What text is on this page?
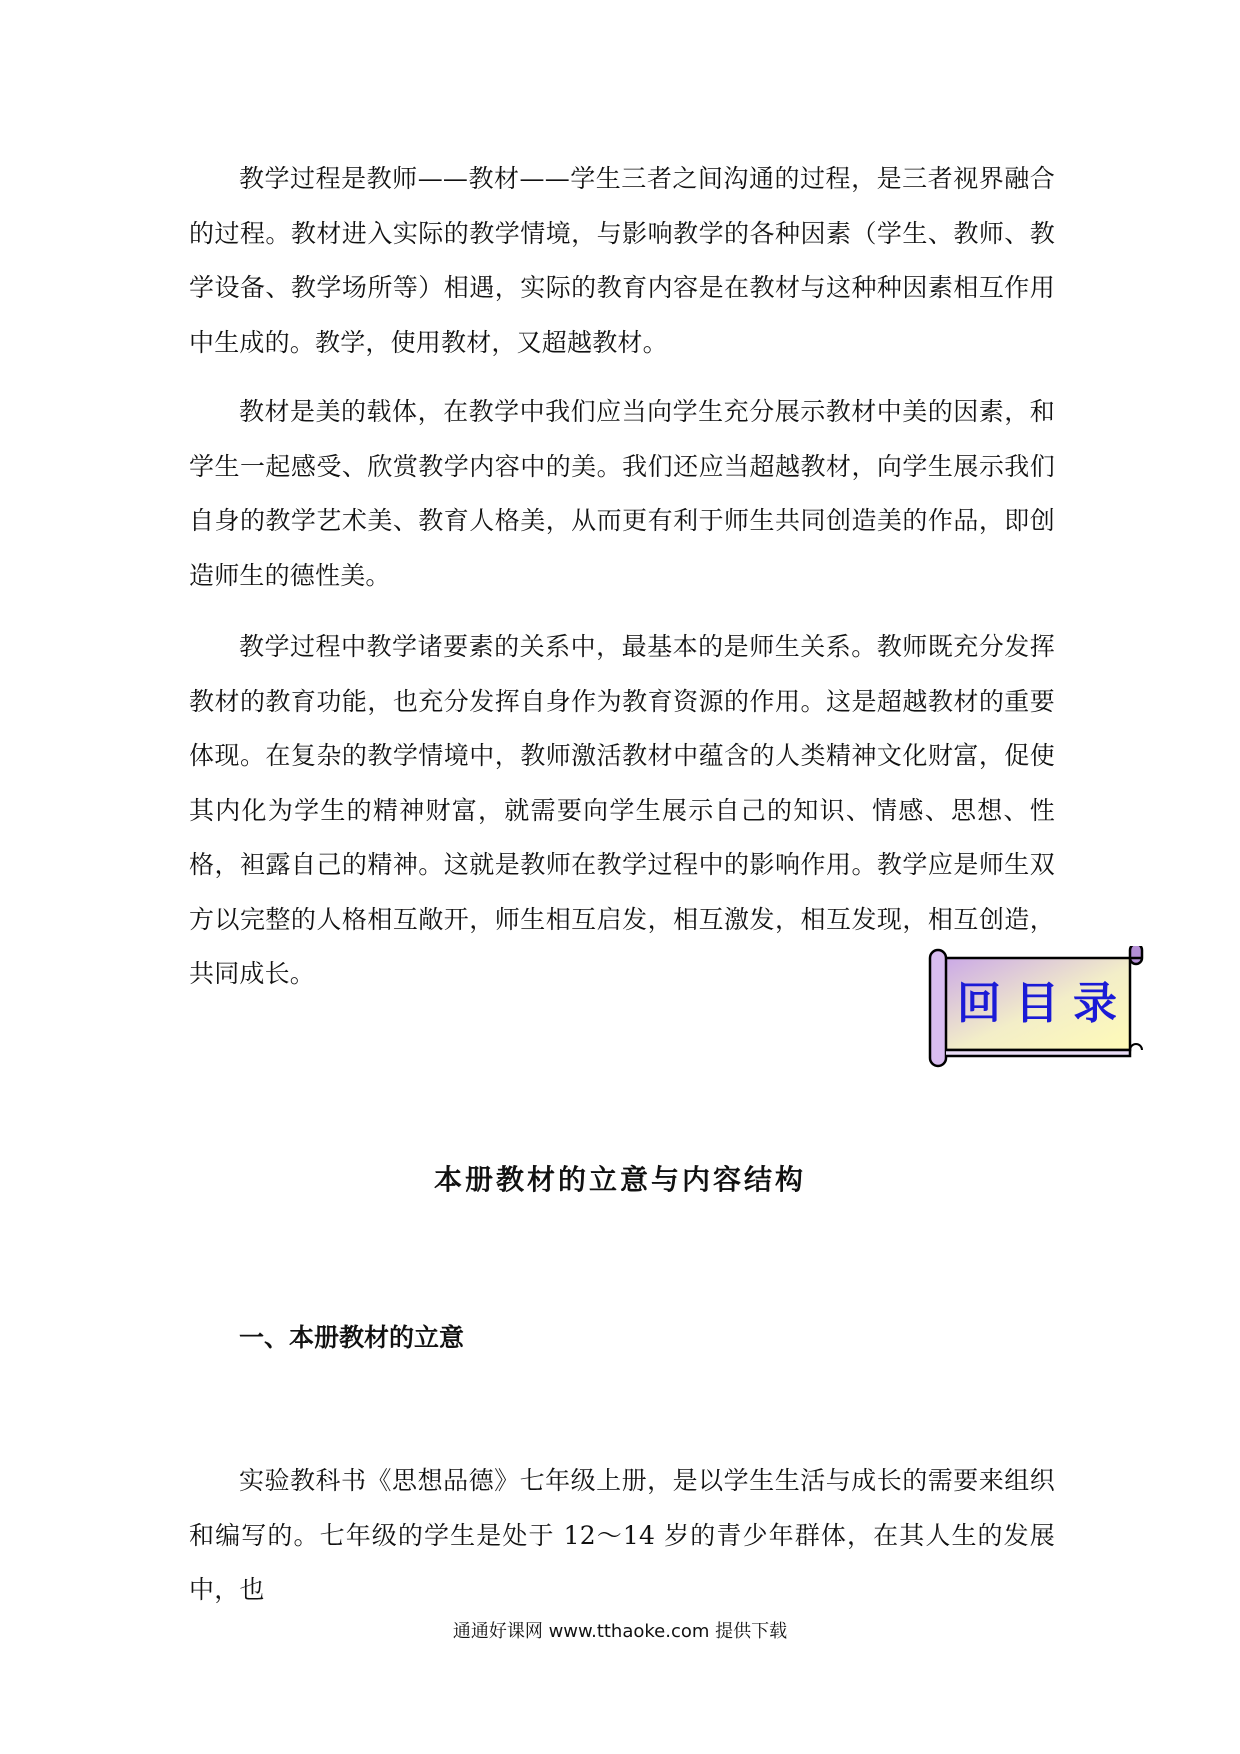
教学过程是教师——教材——学生三者之间沟通的过程，是三者视界融合的过程。教材进入实际的教学情境，与影响教学的各种因素（学生、教师、教学设备、教学场所等）相遇，实际的教育内容是在教材与这种种因素相互作用中生成的。教学，使用教材，又超越教材。

教材是美的载体，在教学中我们应当向学生充分展示教材中美的因素，和学生一起感受、欣赏教学内容中的美。我们还应当超越教材，向学生展示我们自身的教学艺术美、教育人格美，从而更有利于师生共同创造美的作品，即创造师生的德性美。

教学过程中教学诸要素的关系中，最基本的是师生关系。教师既充分发挥教材的教育功能，也充分发挥自身作为教育资源的作用。这是超越教材的重要体现。在复杂的教学情境中，教师激活教材中蕴含的人类精神文化财富，促使其内化为学生的精神财富，就需要向学生展示自己的知识、情感、思想、性格，袒露自己的精神。这就是教师在教学过程中的影响作用。教学应是师生双方以完整的人格相互敞开，师生相互启发，相互激发，相互发现，相互创造，共同成长。

回目录
本册教材的立意与内容结构
一、本册教材的立意

实验教科书《思想品德》七年级上册，是以学生生活与成长的需要来组织和编写的。七年级的学生是处于 12～14 岁的青少年群体，在其人生的发展中，也

通通好课网 www.tthaoke.com 提供下载
